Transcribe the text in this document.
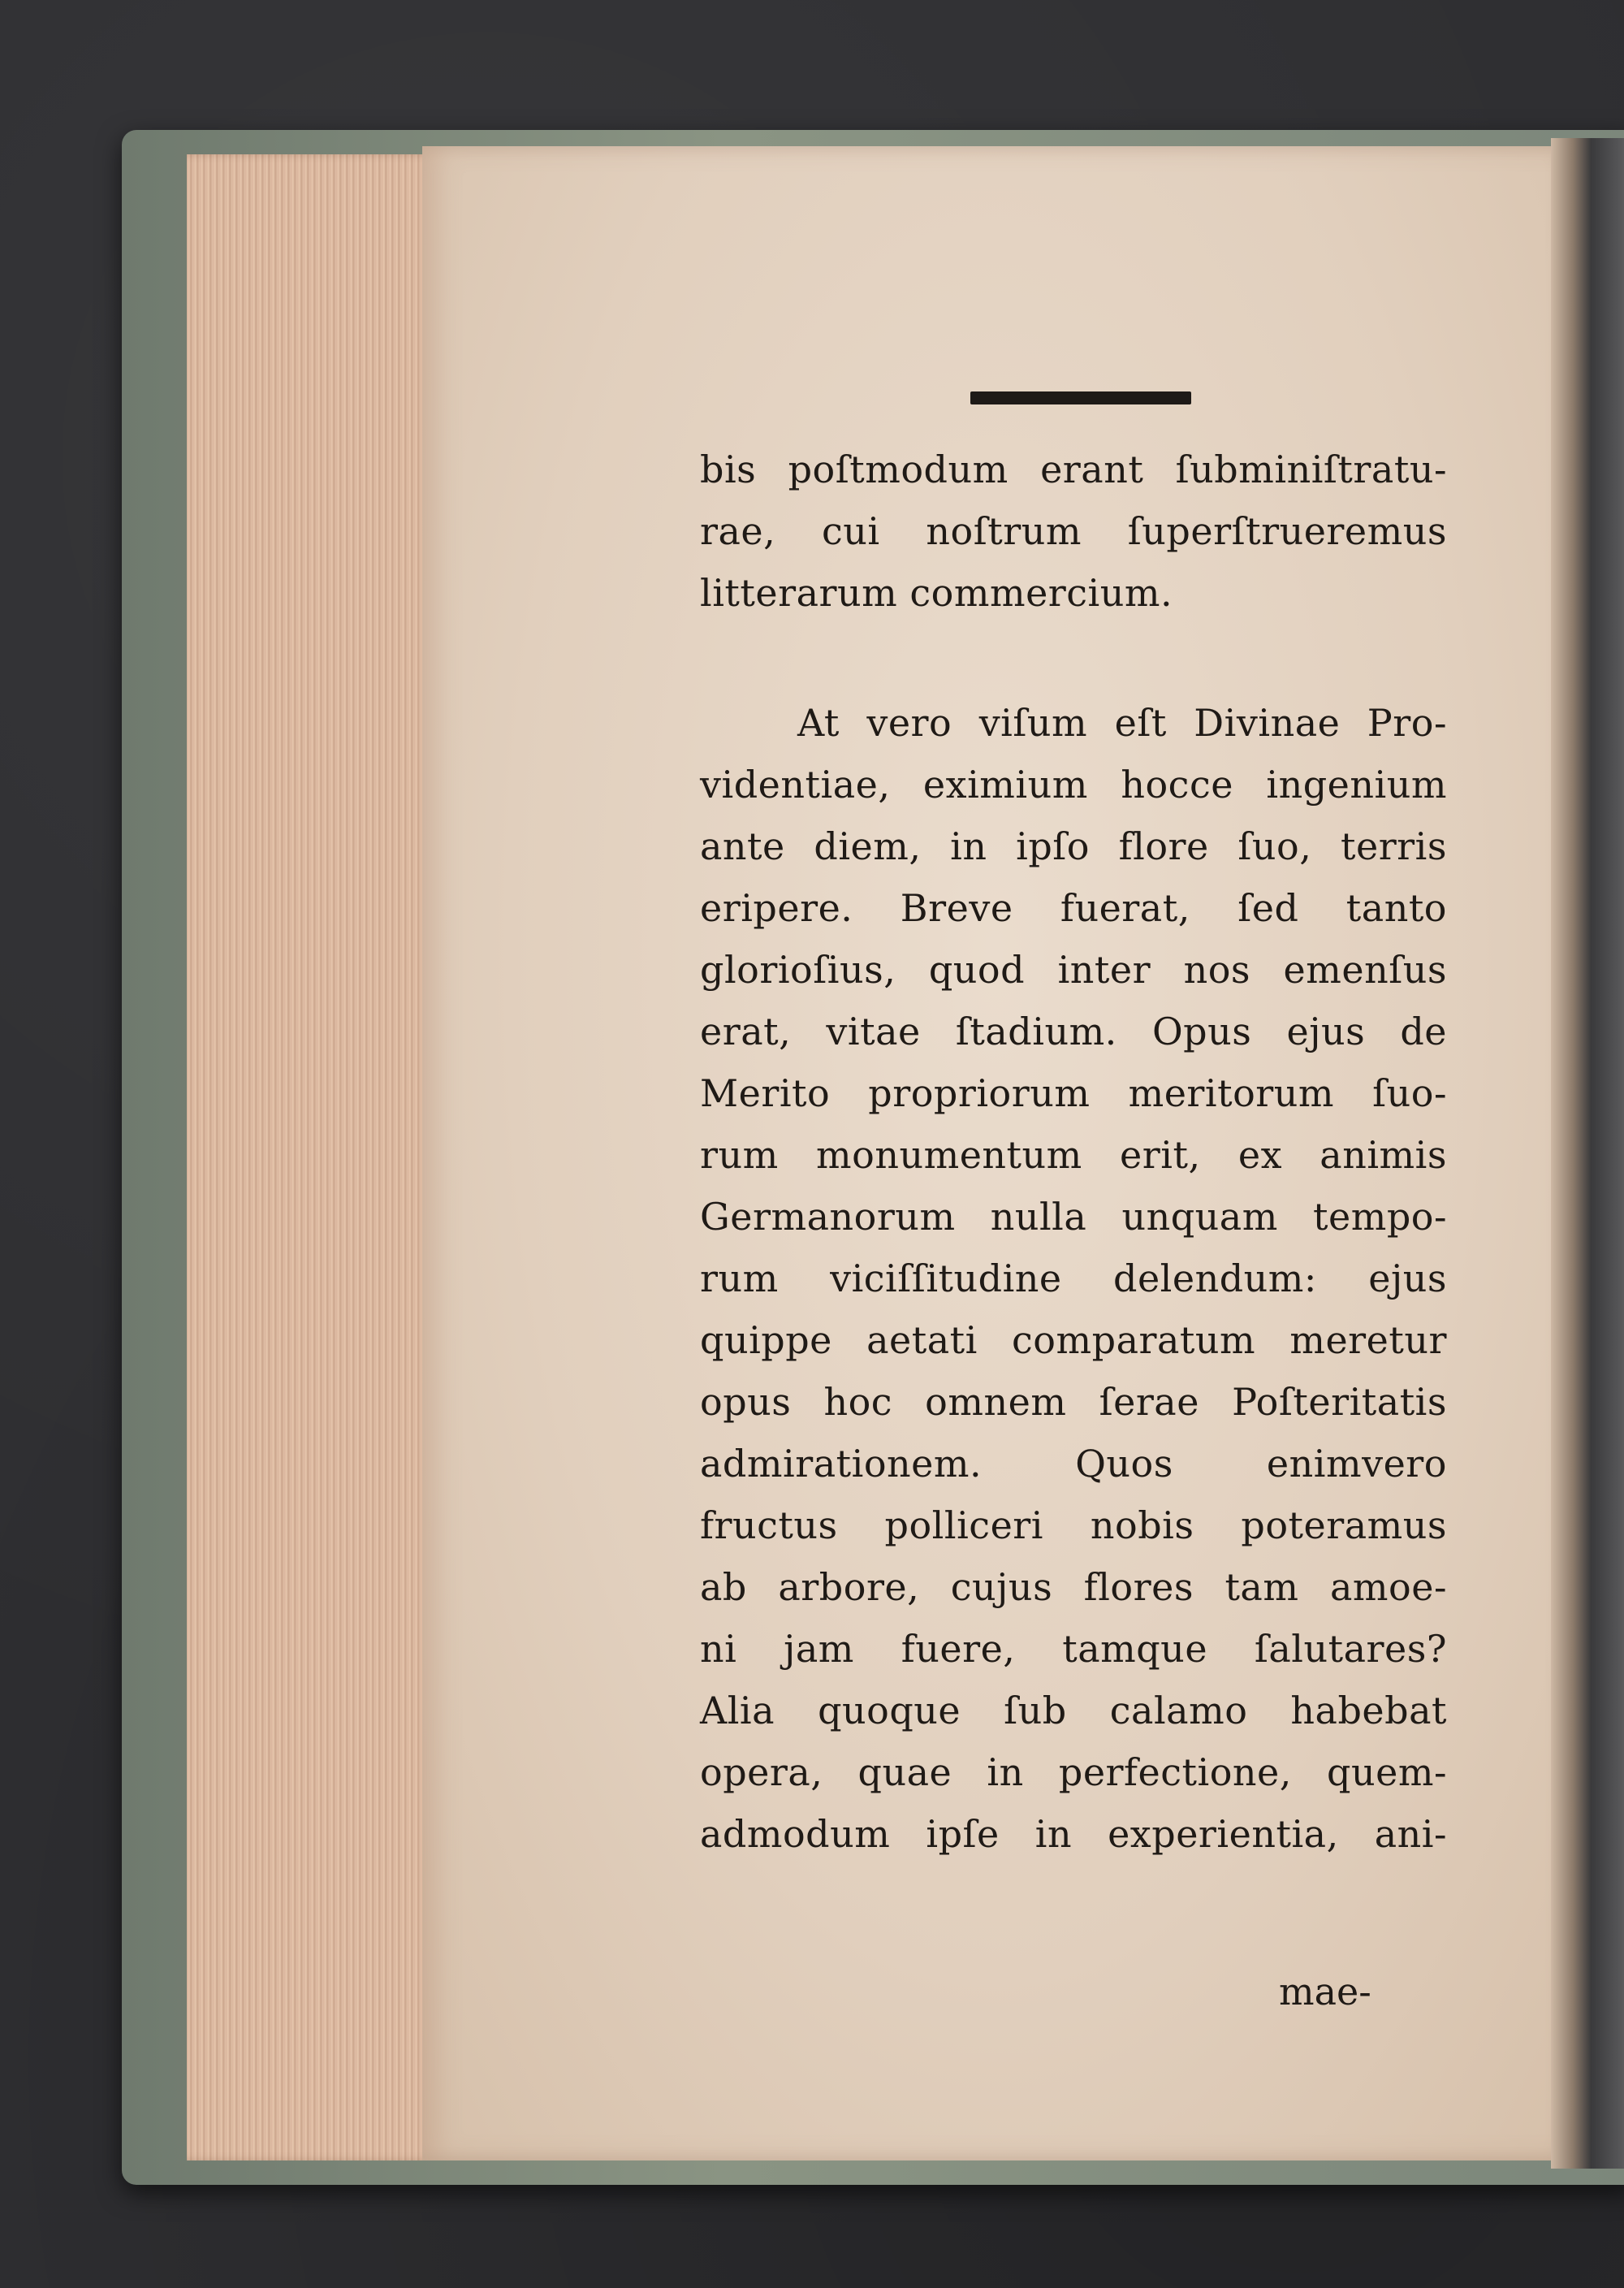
bis poſtmodum erant ſubminiſtratu-
rae, cui noſtrum ſuperſtrueremus
litterarum commercium.
At vero viſum eſt Divinae Pro-
videntiae, eximium hocce ingenium
ante diem, in ipſo flore ſuo, terris
eripere. Breve fuerat, ſed tanto
glorioſius, quod inter nos emenſus
erat, vitae ſtadium. Opus ejus de
Merito propriorum meritorum ſuo-
rum monumentum erit, ex animis
Germanorum nulla unquam tempo-
rum viciſſitudine delendum: ejus
quippe aetati comparatum meretur
opus hoc omnem ſerae Poſteritatis
admirationem. Quos enimvero
fructus polliceri nobis poteramus
ab arbore, cujus flores tam amoe-
ni jam fuere, tamque ſalutares?
Alia quoque ſub calamo habebat
opera, quae in perfectione, quem-
admodum ipſe in experientia, ani-
mae-
